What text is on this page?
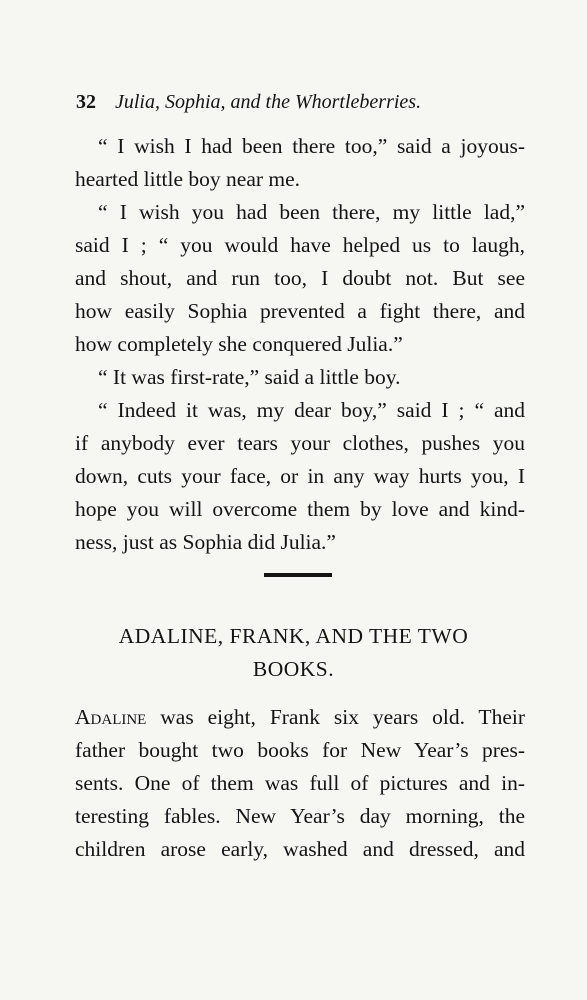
32 Julia, Sophia, and the Whortleberries.
“ I wish I had been there too,” said a joyous-
hearted little boy near me.
“ I wish you had been there, my little lad,”
said I ; “ you would have helped us to laugh,
and shout, and run too, I doubt not. But see
how easily Sophia prevented a fight there, and
how completely she conquered Julia.”
“ It was first-rate,” said a little boy.
“ Indeed it was, my dear boy,” said I ; “ and
if anybody ever tears your clothes, pushes you
down, cuts your face, or in any way hurts you, I
hope you will overcome them by love and kind-
ness, just as Sophia did Julia.”
ADALINE, FRANK, AND THE TWO
BOOKS.
Adaline was eight, Frank six years old. Their
father bought two books for New Year’s pres-
sents. One of them was full of pictures and in-
teresting fables. New Year’s day morning, the
children arose early, washed and dressed, and
